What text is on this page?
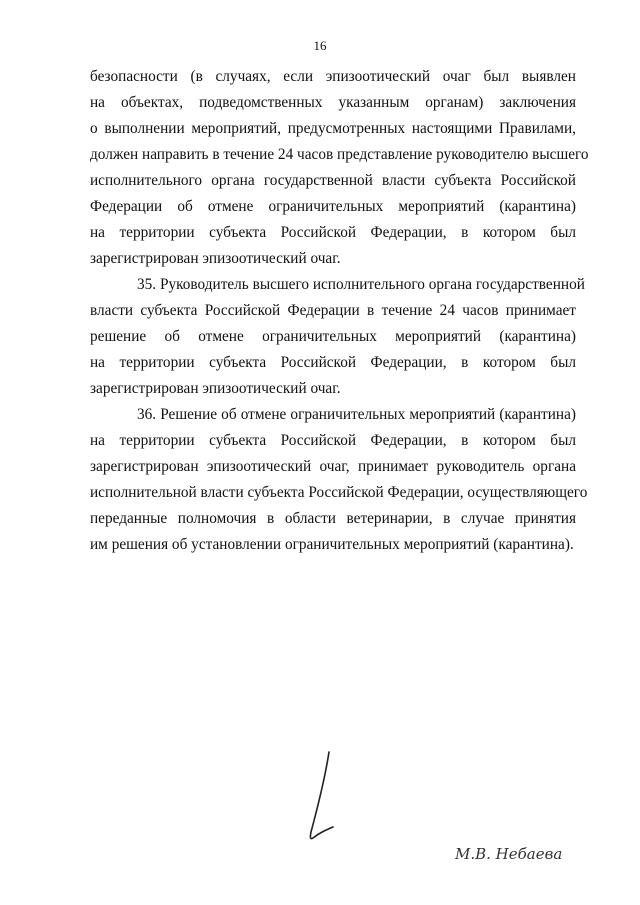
16

безопасности (в случаях, если эпизоотический очаг был выявлен
на объектах, подведомственных указанным органам) заключения
о выполнении мероприятий, предусмотренных настоящими Правилами,
должен направить в течение 24 часов представление руководителю высшего
исполнительного органа государственной власти субъекта Российской
Федерации об отмене ограничительных мероприятий (карантина)
на территории субъекта Российской Федерации, в котором был
зарегистрирован эпизоотический очаг.

35. Руководитель высшего исполнительного органа государственной
власти субъекта Российской Федерации в течение 24 часов принимает
решение об отмене ограничительных мероприятий (карантина)
на территории субъекта Российской Федерации, в котором был
зарегистрирован эпизоотический очаг.

36. Решение об отмене ограничительных мероприятий (карантина)
на территории субъекта Российской Федерации, в котором был
зарегистрирован эпизоотический очаг, принимает руководитель органа
исполнительной власти субъекта Российской Федерации, осуществляющего
переданные полномочия в области ветеринарии, в случае принятия
им решения об установлении ограничительных мероприятий (карантина).

М.В. Небаева
